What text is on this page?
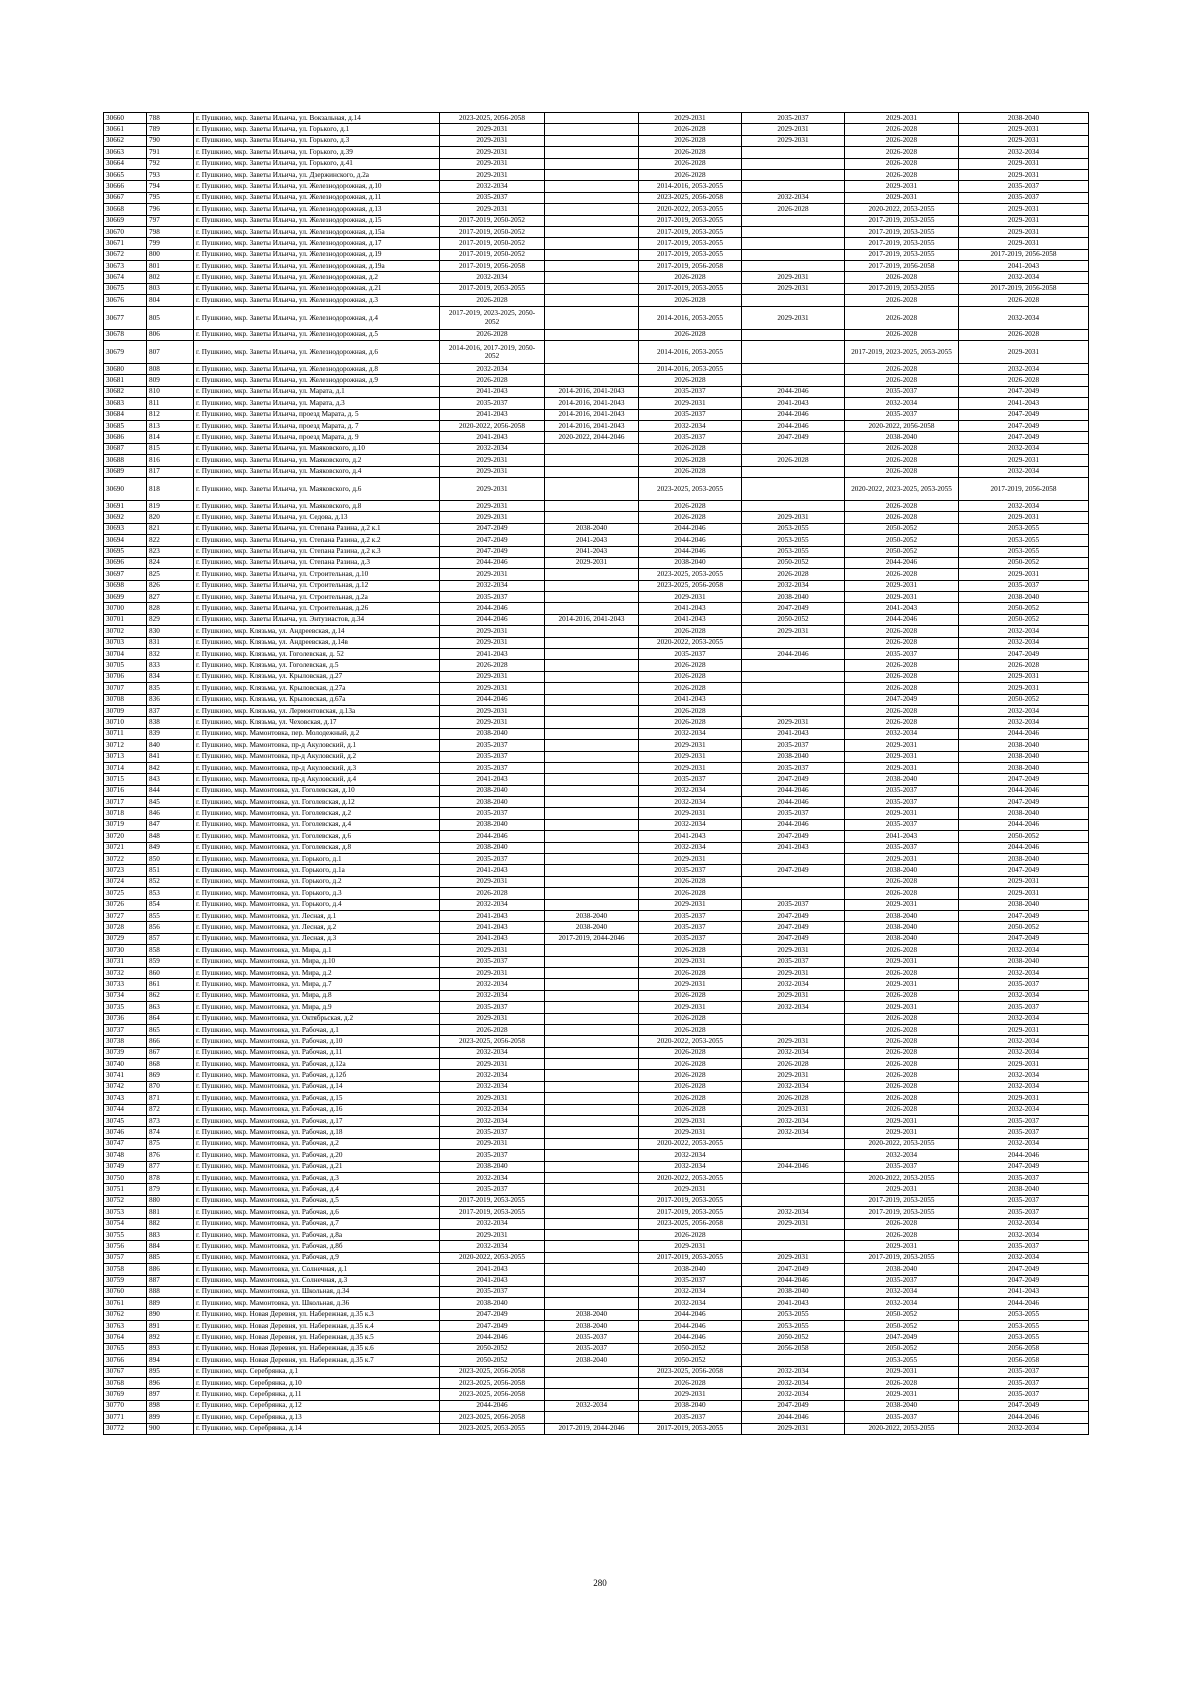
30660	788	г. Пушкино, мкр. Заветы Ильича, ул. Вокзальная, д.14	2023-2025, 2056-2058		2029-2031	2035-2037	2029-2031	2038-2040
30661	789	г. Пушкино, мкр. Заветы Ильича, ул. Горького, д.1	2029-2031		2026-2028	2029-2031	2026-2028	2029-2031
30662	790	г. Пушкино, мкр. Заветы Ильича, ул. Горького, д.3	2029-2031		2026-2028	2029-2031	2026-2028	2029-2031
30663	791	г. Пушкино, мкр. Заветы Ильича, ул. Горького, д.39	2029-2031		2026-2028		2026-2028	2032-2034
30664	792	г. Пушкино, мкр. Заветы Ильича, ул. Горького, д.41	2029-2031		2026-2028		2026-2028	2029-2031
30665	793	г. Пушкино, мкр. Заветы Ильича, ул. Дзержинского, д.2а	2029-2031		2026-2028		2026-2028	2029-2031
30666	794	г. Пушкино, мкр. Заветы Ильича, ул. Железнодорожная, д.10	2032-2034		2014-2016, 2053-2055		2029-2031	2035-2037
30667	795	г. Пушкино, мкр. Заветы Ильича, ул. Железнодорожная, д.11	2035-2037		2023-2025, 2056-2058	2032-2034	2029-2031	2035-2037
30668	796	г. Пушкино, мкр. Заветы Ильича, ул. Железнодорожная, д.13	2029-2031		2020-2022, 2053-2055	2026-2028	2020-2022, 2053-2055	2029-2031
30669	797	г. Пушкино, мкр. Заветы Ильича, ул. Железнодорожная, д.15	2017-2019, 2050-2052		2017-2019, 2053-2055		2017-2019, 2053-2055	2029-2031
30670	798	г. Пушкино, мкр. Заветы Ильича, ул. Железнодорожная, д.15а	2017-2019, 2050-2052		2017-2019, 2053-2055		2017-2019, 2053-2055	2029-2031
30671	799	г. Пушкино, мкр. Заветы Ильича, ул. Железнодорожная, д.17	2017-2019, 2050-2052		2017-2019, 2053-2055		2017-2019, 2053-2055	2029-2031
30672	800	г. Пушкино, мкр. Заветы Ильича, ул. Железнодорожная, д.19	2017-2019, 2050-2052		2017-2019, 2053-2055		2017-2019, 2053-2055	2017-2019, 2056-2058
30673	801	г. Пушкино, мкр. Заветы Ильича, ул. Железнодорожная, д.19а	2017-2019, 2056-2058		2017-2019, 2056-2058		2017-2019, 2056-2058	2041-2043
30674	802	г. Пушкино, мкр. Заветы Ильича, ул. Железнодорожная, д.2	2032-2034		2026-2028	2029-2031	2026-2028	2032-2034
30675	803	г. Пушкино, мкр. Заветы Ильича, ул. Железнодорожная, д.21	2017-2019, 2053-2055		2017-2019, 2053-2055	2029-2031	2017-2019, 2053-2055	2017-2019, 2056-2058
30676	804	г. Пушкино, мкр. Заветы Ильича, ул. Железнодорожная, д.3	2026-2028		2026-2028		2026-2028	2026-2028
30677	805	г. Пушкино, мкр. Заветы Ильича, ул. Железнодорожная, д.4	2017-2019, 2023-2025, 2050-2052		2014-2016, 2053-2055	2029-2031	2026-2028	2032-2034
30678	806	г. Пушкино, мкр. Заветы Ильича, ул. Железнодорожная, д.5	2026-2028		2026-2028		2026-2028	2026-2028
30679	807	г. Пушкино, мкр. Заветы Ильича, ул. Железнодорожная, д.6	2014-2016, 2017-2019, 2050-2052		2014-2016, 2053-2055		2017-2019, 2023-2025, 2053-2055	2029-2031
30680	808	г. Пушкино, мкр. Заветы Ильича, ул. Железнодорожная, д.8	2032-2034		2014-2016, 2053-2055		2026-2028	2032-2034
30681	809	г. Пушкино, мкр. Заветы Ильича, ул. Железнодорожная, д.9	2026-2028		2026-2028		2026-2028	2026-2028
30682	810	г. Пушкино, мкр. Заветы Ильича, ул. Марата, д.1	2041-2043	2014-2016, 2041-2043	2035-2037	2044-2046	2035-2037	2047-2049
30683	811	г. Пушкино, мкр. Заветы Ильича, ул. Марата, д.3	2035-2037	2014-2016, 2041-2043	2029-2031	2041-2043	2032-2034	2041-2043
30684	812	г. Пушкино, мкр. Заветы Ильича, проезд Марата, д. 5	2041-2043	2014-2016, 2041-2043	2035-2037	2044-2046	2035-2037	2047-2049
30685	813	г. Пушкино, мкр. Заветы Ильича, проезд Марата, д. 7	2020-2022, 2056-2058	2014-2016, 2041-2043	2032-2034	2044-2046	2020-2022, 2056-2058	2047-2049
30686	814	г. Пушкино, мкр. Заветы Ильича, проезд Марата, д. 9	2041-2043	2020-2022, 2044-2046	2035-2037	2047-2049	2038-2040	2047-2049
30687	815	г. Пушкино, мкр. Заветы Ильича, ул. Маяковского, д.10	2032-2034		2026-2028		2026-2028	2032-2034
30688	816	г. Пушкино, мкр. Заветы Ильича, ул. Маяковского, д.2	2029-2031		2026-2028	2026-2028	2026-2028	2029-2031
30689	817	г. Пушкино, мкр. Заветы Ильича, ул. Маяковского, д.4	2029-2031		2026-2028		2026-2028	2032-2034
30690	818	г. Пушкино, мкр. Заветы Ильича, ул. Маяковского, д.6	2029-2031		2023-2025, 2053-2055		2020-2022, 2023-2025, 2053-2055	2017-2019, 2056-2058
30691	819	г. Пушкино, мкр. Заветы Ильича, ул. Маяковского, д.8	2029-2031		2026-2028		2026-2028	2032-2034
30692	820	г. Пушкино, мкр. Заветы Ильича, ул. Седова, д.13	2029-2031		2026-2028	2029-2031	2026-2028	2029-2031
30693	821	г. Пушкино, мкр. Заветы Ильича, ул. Степана Разина, д.2 к.1	2047-2049	2038-2040	2044-2046	2053-2055	2050-2052	2053-2055
30694	822	г. Пушкино, мкр. Заветы Ильича, ул. Степана Разина, д.2 к.2	2047-2049	2041-2043	2044-2046	2053-2055	2050-2052	2053-2055
30695	823	г. Пушкино, мкр. Заветы Ильича, ул. Степана Разина, д.2 к.3	2047-2049	2041-2043	2044-2046	2053-2055	2050-2052	2053-2055
30696	824	г. Пушкино, мкр. Заветы Ильича, ул. Степана Разина, д.3	2044-2046	2029-2031	2038-2040	2050-2052	2044-2046	2050-2052
30697	825	г. Пушкино, мкр. Заветы Ильича, ул. Строительная, д.10	2029-2031		2023-2025, 2053-2055	2026-2028	2026-2028	2029-2031
30698	826	г. Пушкино, мкр. Заветы Ильича, ул. Строительная, д.12	2032-2034		2023-2025, 2056-2058	2032-2034	2029-2031	2035-2037
30699	827	г. Пушкино, мкр. Заветы Ильича, ул. Строительная, д.2а	2035-2037		2029-2031	2038-2040	2029-2031	2038-2040
30700	828	г. Пушкино, мкр. Заветы Ильича, ул. Строительная, д.26	2044-2046		2041-2043	2047-2049	2041-2043	2050-2052
30701	829	г. Пушкино, мкр. Заветы Ильича, ул. Энтузиастов, д.34	2044-2046	2014-2016, 2041-2043	2041-2043	2050-2052	2044-2046	2050-2052
30702	830	г. Пушкино, мкр. Клязьма, ул. Андреевская, д.14	2029-2031		2026-2028	2029-2031	2026-2028	2032-2034
30703	831	г. Пушкино, мкр. Клязьма, ул. Андреевская, д.14в	2029-2031		2020-2022, 2053-2055		2026-2028	2032-2034
30704	832	г. Пушкино, мкр. Клязьма, ул. Гоголевская, д. 52	2041-2043		2035-2037	2044-2046	2035-2037	2047-2049
30705	833	г. Пушкино, мкр. Клязьма, ул. Гоголевская, д.5	2026-2028		2026-2028		2026-2028	2026-2028
30706	834	г. Пушкино, мкр. Клязьма, ул. Крыловская, д.27	2029-2031		2026-2028		2026-2028	2029-2031
30707	835	г. Пушкино, мкр. Клязьма, ул. Крыловская, д.27а	2029-2031		2026-2028		2026-2028	2029-2031
30708	836	г. Пушкино, мкр. Клязьма, ул. Крыловская, д.67а	2044-2046		2041-2043		2047-2049	2050-2052
30709	837	г. Пушкино, мкр. Клязьма, ул. Лермонтовская, д.13а	2029-2031		2026-2028		2026-2028	2032-2034
30710	838	г. Пушкино, мкр. Клязьма, ул. Чеховская, д.17	2029-2031		2026-2028	2029-2031	2026-2028	2032-2034
30711	839	г. Пушкино, мкр. Мамонтовка, пер. Молодежный, д.2	2038-2040		2032-2034	2041-2043	2032-2034	2044-2046
30712	840	г. Пушкино, мкр. Мамонтовка, пр-д Акуловский, д.1	2035-2037		2029-2031	2035-2037	2029-2031	2038-2040
30713	841	г. Пушкино, мкр. Мамонтовка, пр-д Акуловский, д.2	2035-2037		2029-2031	2038-2040	2029-2031	2038-2040
30714	842	г. Пушкино, мкр. Мамонтовка, пр-д Акуловский, д.3	2035-2037		2029-2031	2035-2037	2029-2031	2038-2040
30715	843	г. Пушкино, мкр. Мамонтовка, пр-д Акуловский, д.4	2041-2043		2035-2037	2047-2049	2038-2040	2047-2049
30716	844	г. Пушкино, мкр. Мамонтовка, ул. Гоголевская, д.10	2038-2040		2032-2034	2044-2046	2035-2037	2044-2046
30717	845	г. Пушкино, мкр. Мамонтовка, ул. Гоголевская, д.12	2038-2040		2032-2034	2044-2046	2035-2037	2047-2049
30718	846	г. Пушкино, мкр. Мамонтовка, ул. Гоголевская, д.2	2035-2037		2029-2031	2035-2037	2029-2031	2038-2040
30719	847	г. Пушкино, мкр. Мамонтовка, ул. Гоголевская, д.4	2038-2040		2032-2034	2044-2046	2035-2037	2044-2046
30720	848	г. Пушкино, мкр. Мамонтовка, ул. Гоголевская, д.6	2044-2046		2041-2043	2047-2049	2041-2043	2050-2052
30721	849	г. Пушкино, мкр. Мамонтовка, ул. Гоголевская, д.8	2038-2040		2032-2034	2041-2043	2035-2037	2044-2046
30722	850	г. Пушкино, мкр. Мамонтовка, ул. Горького, д.1	2035-2037		2029-2031		2029-2031	2038-2040
30723	851	г. Пушкино, мкр. Мамонтовка, ул. Горького, д.1а	2041-2043		2035-2037	2047-2049	2038-2040	2047-2049
30724	852	г. Пушкино, мкр. Мамонтовка, ул. Горького, д.2	2029-2031		2026-2028		2026-2028	2029-2031
30725	853	г. Пушкино, мкр. Мамонтовка, ул. Горького, д.3	2026-2028		2026-2028		2026-2028	2029-2031
30726	854	г. Пушкино, мкр. Мамонтовка, ул. Горького, д.4	2032-2034		2029-2031	2035-2037	2029-2031	2038-2040
30727	855	г. Пушкино, мкр. Мамонтовка, ул. Лесная, д.1	2041-2043	2038-2040	2035-2037	2047-2049	2038-2040	2047-2049
30728	856	г. Пушкино, мкр. Мамонтовка, ул. Лесная, д.2	2041-2043	2038-2040	2035-2037	2047-2049	2038-2040	2050-2052
30729	857	г. Пушкино, мкр. Мамонтовка, ул. Лесная, д.3	2041-2043	2017-2019, 2044-2046	2035-2037	2047-2049	2038-2040	2047-2049
30730	858	г. Пушкино, мкр. Мамонтовка, ул. Мира, д.1	2029-2031		2026-2028	2029-2031	2026-2028	2032-2034
30731	859	г. Пушкино, мкр. Мамонтовка, ул. Мира, д.10	2035-2037		2029-2031	2035-2037	2029-2031	2038-2040
30732	860	г. Пушкино, мкр. Мамонтовка, ул. Мира, д.2	2029-2031		2026-2028	2029-2031	2026-2028	2032-2034
30733	861	г. Пушкино, мкр. Мамонтовка, ул. Мира, д.7	2032-2034		2029-2031	2032-2034	2029-2031	2035-2037
30734	862	г. Пушкино, мкр. Мамонтовка, ул. Мира, д.8	2032-2034		2026-2028	2029-2031	2026-2028	2032-2034
30735	863	г. Пушкино, мкр. Мамонтовка, ул. Мира, д.9	2035-2037		2029-2031	2032-2034	2029-2031	2035-2037
30736	864	г. Пушкино, мкр. Мамонтовка, ул. Октябрьская, д.2	2029-2031		2026-2028		2026-2028	2032-2034
30737	865	г. Пушкино, мкр. Мамонтовка, ул. Рабочая, д.1	2026-2028		2026-2028		2026-2028	2029-2031
30738	866	г. Пушкино, мкр. Мамонтовка, ул. Рабочая, д.10	2023-2025, 2056-2058		2020-2022, 2053-2055	2029-2031	2026-2028	2032-2034
30739	867	г. Пушкино, мкр. Мамонтовка, ул. Рабочая, д.11	2032-2034		2026-2028	2032-2034	2026-2028	2032-2034
30740	868	г. Пушкино, мкр. Мамонтовка, ул. Рабочая, д.12а	2029-2031		2026-2028	2026-2028	2026-2028	2029-2031
30741	869	г. Пушкино, мкр. Мамонтовка, ул. Рабочая, д.12б	2032-2034		2026-2028	2029-2031	2026-2028	2032-2034
30742	870	г. Пушкино, мкр. Мамонтовка, ул. Рабочая, д.14	2032-2034		2026-2028	2032-2034	2026-2028	2032-2034
30743	871	г. Пушкино, мкр. Мамонтовка, ул. Рабочая, д.15	2029-2031		2026-2028	2026-2028	2026-2028	2029-2031
30744	872	г. Пушкино, мкр. Мамонтовка, ул. Рабочая, д.16	2032-2034		2026-2028	2029-2031	2026-2028	2032-2034
30745	873	г. Пушкино, мкр. Мамонтовка, ул. Рабочая, д.17	2032-2034		2029-2031	2032-2034	2029-2031	2035-2037
30746	874	г. Пушкино, мкр. Мамонтовка, ул. Рабочая, д.18	2035-2037		2029-2031	2032-2034	2029-2031	2035-2037
30747	875	г. Пушкино, мкр. Мамонтовка, ул. Рабочая, д.2	2029-2031		2020-2022, 2053-2055		2020-2022, 2053-2055	2032-2034
30748	876	г. Пушкино, мкр. Мамонтовка, ул. Рабочая, д.20	2035-2037		2032-2034		2032-2034	2044-2046
30749	877	г. Пушкино, мкр. Мамонтовка, ул. Рабочая, д.21	2038-2040		2032-2034	2044-2046	2035-2037	2047-2049
30750	878	г. Пушкино, мкр. Мамонтовка, ул. Рабочая, д.3	2032-2034		2020-2022, 2053-2055		2020-2022, 2053-2055	2035-2037
30751	879	г. Пушкино, мкр. Мамонтовка, ул. Рабочая, д.4	2035-2037		2029-2031		2029-2031	2038-2040
30752	880	г. Пушкино, мкр. Мамонтовка, ул. Рабочая, д.5	2017-2019, 2053-2055		2017-2019, 2053-2055		2017-2019, 2053-2055	2035-2037
30753	881	г. Пушкино, мкр. Мамонтовка, ул. Рабочая, д.6	2017-2019, 2053-2055		2017-2019, 2053-2055	2032-2034	2017-2019, 2053-2055	2035-2037
30754	882	г. Пушкино, мкр. Мамонтовка, ул. Рабочая, д.7	2032-2034		2023-2025, 2056-2058	2029-2031	2026-2028	2032-2034
30755	883	г. Пушкино, мкр. Мамонтовка, ул. Рабочая, д.8а	2029-2031		2026-2028		2026-2028	2032-2034
30756	884	г. Пушкино, мкр. Мамонтовка, ул. Рабочая, д.8б	2032-2034		2029-2031		2029-2031	2035-2037
30757	885	г. Пушкино, мкр. Мамонтовка, ул. Рабочая, д.9	2020-2022, 2053-2055		2017-2019, 2053-2055	2029-2031	2017-2019, 2053-2055	2032-2034
30758	886	г. Пушкино, мкр. Мамонтовка, ул. Солнечная, д.1	2041-2043		2038-2040	2047-2049	2038-2040	2047-2049
30759	887	г. Пушкино, мкр. Мамонтовка, ул. Солнечная, д.3	2041-2043		2035-2037	2044-2046	2035-2037	2047-2049
30760	888	г. Пушкино, мкр. Мамонтовка, ул. Школьная, д.34	2035-2037		2032-2034	2038-2040	2032-2034	2041-2043
30761	889	г. Пушкино, мкр. Мамонтовка, ул. Школьная, д.36	2038-2040		2032-2034	2041-2043	2032-2034	2044-2046
30762	890	г. Пушкино, мкр. Новая Деревня, ул. Набережная, д.35 к.3	2047-2049	2038-2040	2044-2046	2053-2055	2050-2052	2053-2055
30763	891	г. Пушкино, мкр. Новая Деревня, ул. Набережная, д.35 к.4	2047-2049	2038-2040	2044-2046	2053-2055	2050-2052	2053-2055
30764	892	г. Пушкино, мкр. Новая Деревня, ул. Набережная, д.35 к.5	2044-2046	2035-2037	2044-2046	2050-2052	2047-2049	2053-2055
30765	893	г. Пушкино, мкр. Новая Деревня, ул. Набережная, д.35 к.6	2050-2052	2035-2037	2050-2052	2056-2058	2050-2052	2056-2058
30766	894	г. Пушкино, мкр. Новая Деревня, ул. Набережная, д.35 к.7	2050-2052	2038-2040	2050-2052		2053-2055	2056-2058
30767	895	г. Пушкино, мкр. Серебрянка, д.1	2023-2025, 2056-2058		2023-2025, 2056-2058	2032-2034	2029-2031	2035-2037
30768	896	г. Пушкино, мкр. Серебрянка, д.10	2023-2025, 2056-2058		2026-2028	2032-2034	2026-2028	2035-2037
30769	897	г. Пушкино, мкр. Серебрянка, д.11	2023-2025, 2056-2058		2029-2031	2032-2034	2029-2031	2035-2037
30770	898	г. Пушкино, мкр. Серебрянка, д.12	2044-2046	2032-2034	2038-2040	2047-2049	2038-2040	2047-2049
30771	899	г. Пушкино, мкр. Серебрянка, д.13	2023-2025, 2056-2058		2035-2037	2044-2046	2035-2037	2044-2046
30772	900	г. Пушкино, мкр. Серебрянка, д.14	2023-2025, 2053-2055	2017-2019, 2044-2046	2017-2019, 2053-2055	2029-2031	2020-2022, 2053-2055	2032-2034
280
